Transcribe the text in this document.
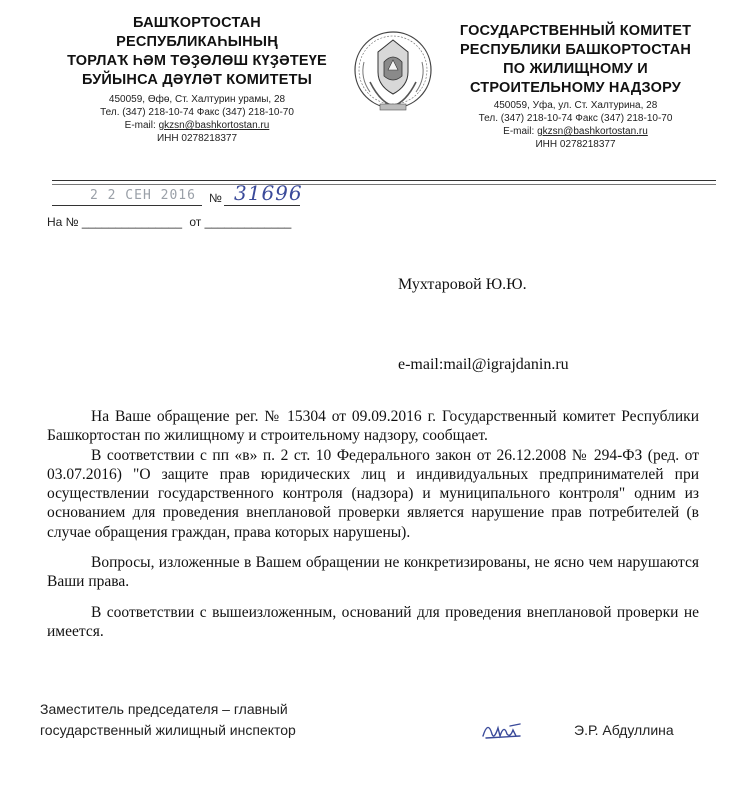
БАШҠОРТОСТАН РЕСПУБЛИКАҺЫНЫҢ
ТОРЛАҠ ҺӘМ ТӨҘӨЛӨШ КҮҘӘТЕҮЕ
БУЙЫНСА ДӘҮЛӘТ КОМИТЕТЫ
450059, Өфө, Ст. Халтурин урамы, 28
Тел. (347) 218-10-74 Факс (347) 218-10-70
E-mail: gkzsn@bashkortostan.ru
ИНН 0278218377
ГОСУДАРСТВЕННЫЙ КОМИТЕТ
РЕСПУБЛИКИ БАШКОРТОСТАН
ПО ЖИЛИЩНОМУ И
СТРОИТЕЛЬНОМУ НАДЗОРУ
450059, Уфа, ул. Ст. Халтурина, 28
Тел. (347) 218-10-74 Факс (347) 218-10-70
E-mail: gkzsn@bashkortostan.ru
ИНН 0278218377
2 2 СЕН 2016 № 31696
На № _______________ от _____________
Мухтаровой Ю.Ю.
e-mail:mail@igrajdanin.ru

На Ваше обращение рег. № 15304 от 09.09.2016 г. Государственный комитет Республики Башкортостан по жилищному и строительному надзору, сообщает.

В соответствии с пп «в» п. 2 ст. 10 Федерального закон от 26.12.2008 № 294-ФЗ (ред. от 03.07.2016) "О защите прав юридических лиц и индивидуальных предпринимателей при осуществлении государственного контроля (надзора) и муниципального контроля" одним из основанием для проведения внеплановой проверки является нарушение прав потребителей (в случае обращения граждан, права которых нарушены).

Вопросы, изложенные в Вашем обращении не конкретизированы, не ясно чем нарушаются Ваши права.

В соответствии с вышеизложенным, оснований для проведения внеплановой проверки не имеется.

Заместитель председателя – главный
государственный жилищный инспектор	Э.Р. Абдуллина
